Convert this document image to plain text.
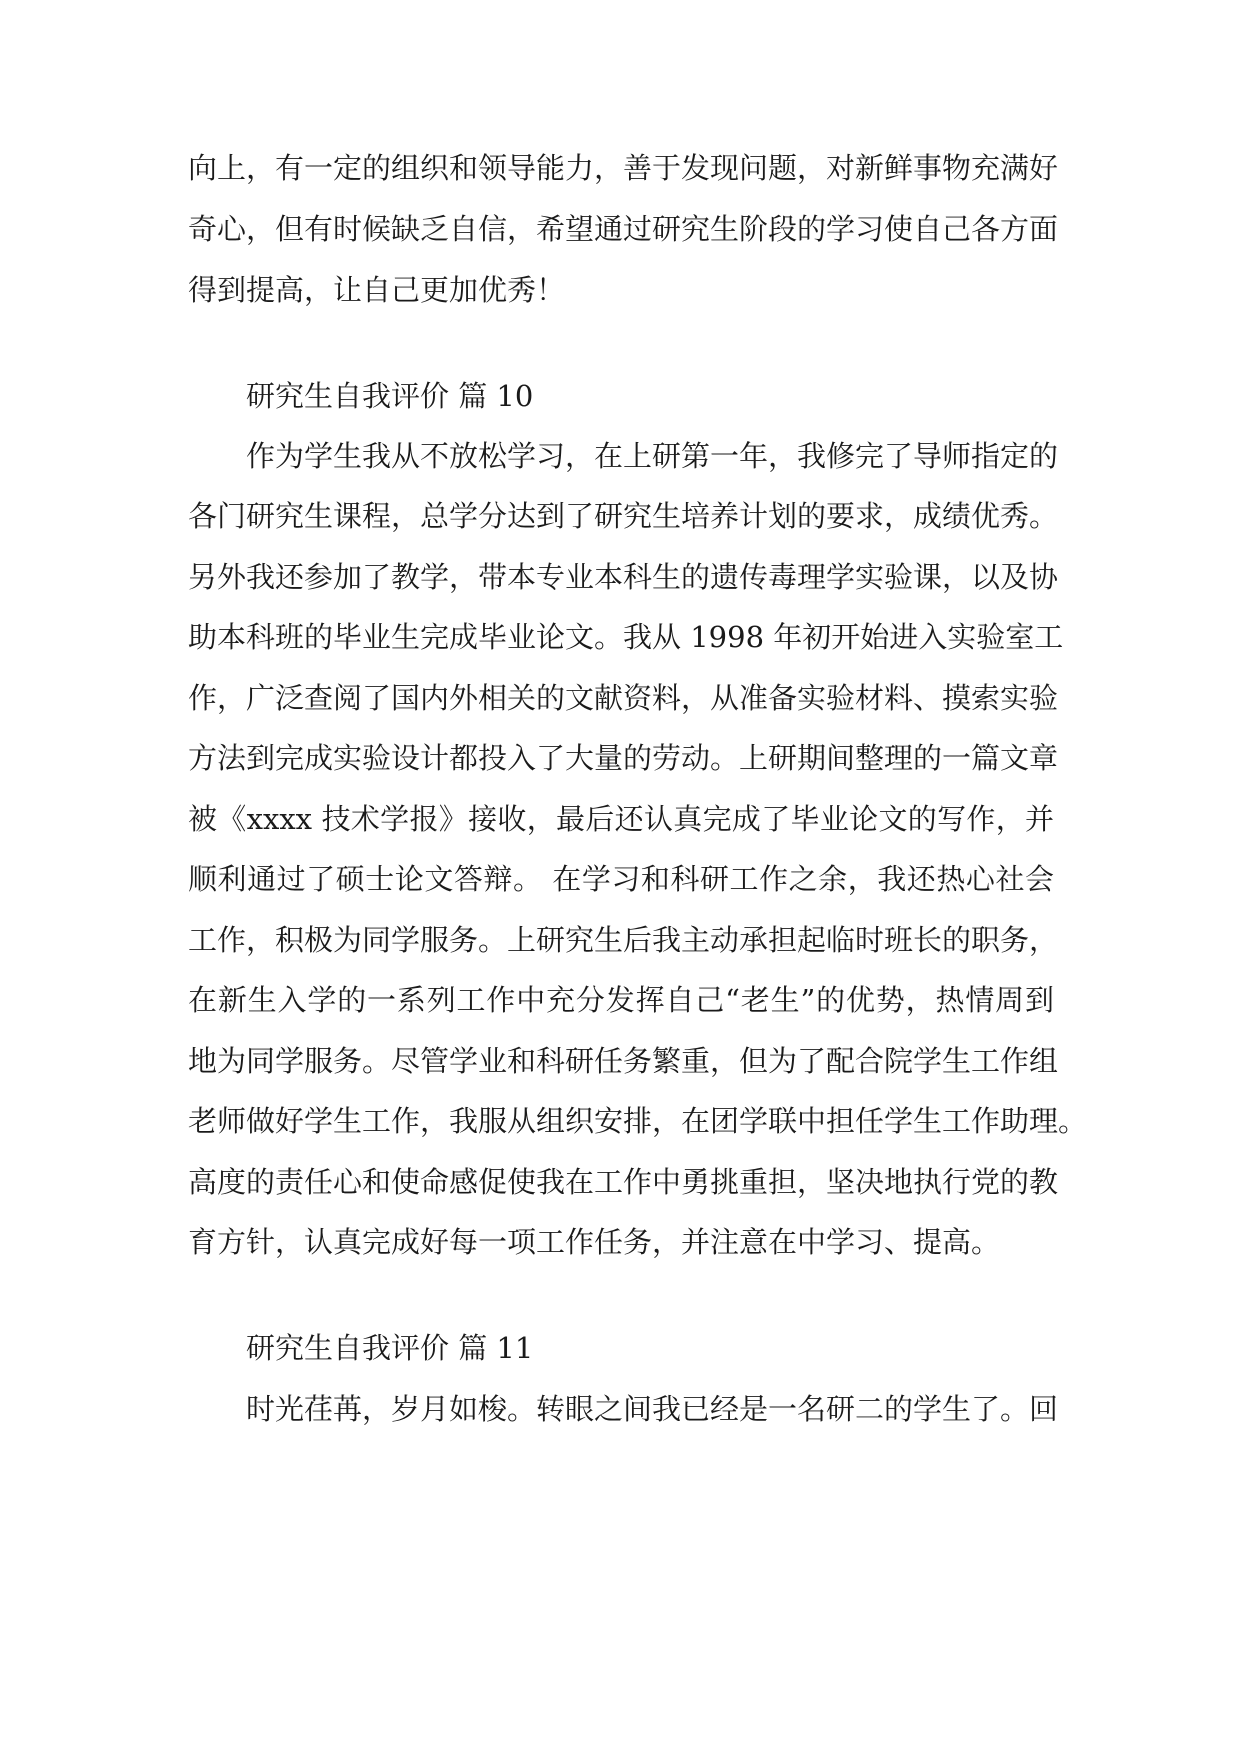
向上，有一定的组织和领导能力，善于发现问题，对新鲜事物充满好
奇心，但有时候缺乏自信，希望通过研究生阶段的学习使自己各方面
得到提高，让自己更加优秀！
研究生自我评价 篇 10
作为学生我从不放松学习，在上研第一年，我修完了导师指定的
各门研究生课程，总学分达到了研究生培养计划的要求，成绩优秀。
另外我还参加了教学，带本专业本科生的遗传毒理学实验课，以及协
助本科班的毕业生完成毕业论文。我从 1998 年初开始进入实验室工
作，广泛查阅了国内外相关的文献资料，从准备实验材料、摸索实验
方法到完成实验设计都投入了大量的劳动。上研期间整理的一篇文章
被《xxxx 技术学报》接收，最后还认真完成了毕业论文的写作，并
顺利通过了硕士论文答辩。 在学习和科研工作之余，我还热心社会
工作，积极为同学服务。上研究生后我主动承担起临时班长的职务，
在新生入学的一系列工作中充分发挥自己“老生”的优势，热情周到
地为同学服务。尽管学业和科研任务繁重，但为了配合院学生工作组
老师做好学生工作，我服从组织安排，在团学联中担任学生工作助理。
高度的责任心和使命感促使我在工作中勇挑重担，坚决地执行党的教
育方针，认真完成好每一项工作任务，并注意在中学习、提高。
研究生自我评价 篇 11
时光荏苒，岁月如梭。转眼之间我已经是一名研二的学生了。回
